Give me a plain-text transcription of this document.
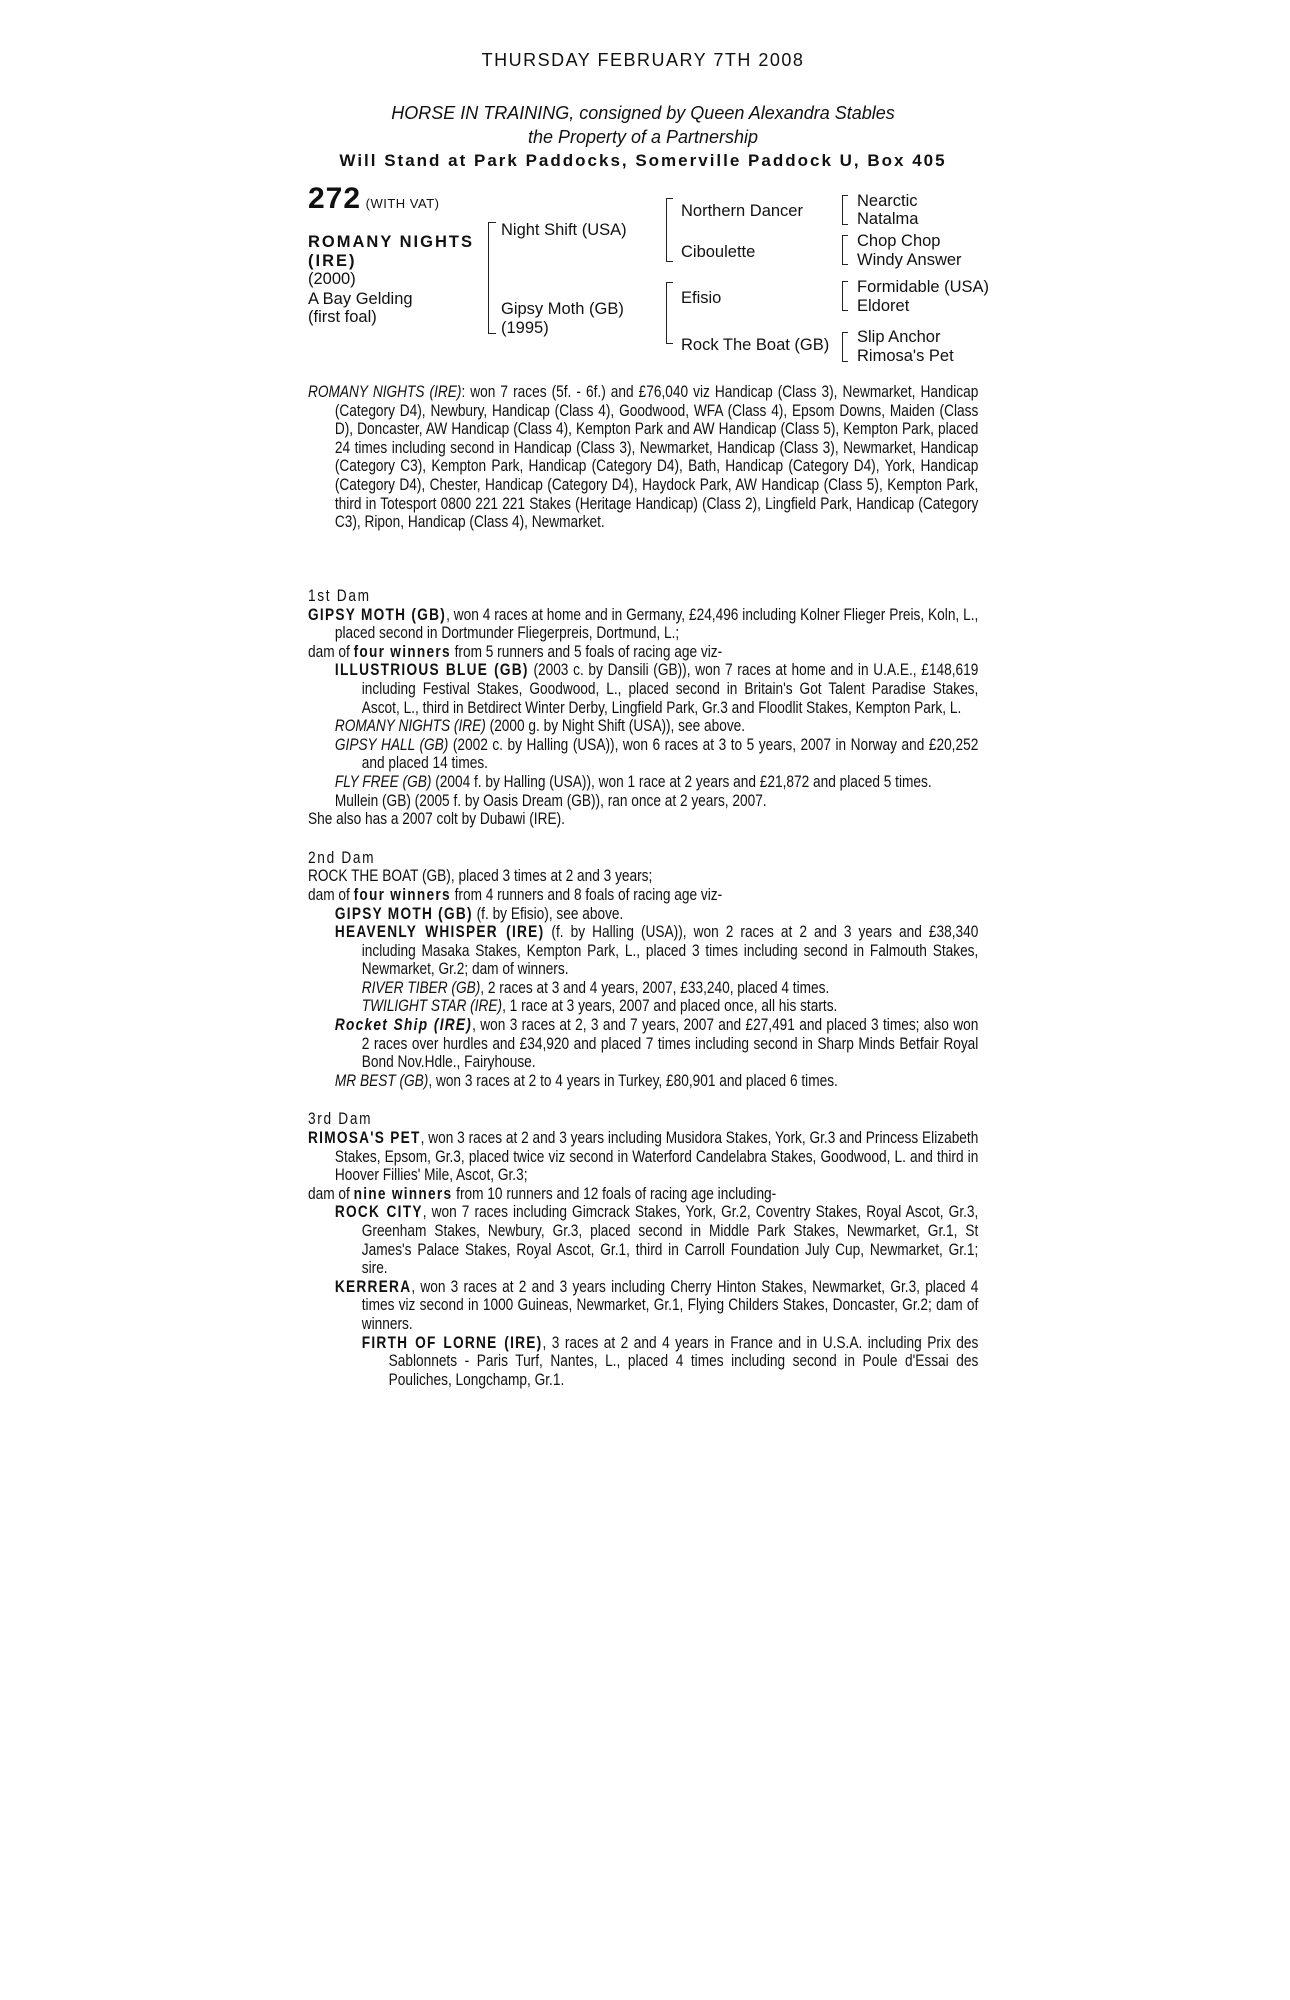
THURSDAY FEBRUARY 7TH 2008
HORSE IN TRAINING, consigned by Queen Alexandra Stables
the Property of a Partnership
Will Stand at Park Paddocks, Somerville Paddock U, Box 405
272 (WITH VAT)
ROMANY NIGHTS
(IRE)
(2000)
A Bay Gelding
(first foal)
Night Shift (USA)
Gipsy Moth (GB)
(1995)
Northern Dancer
Ciboulette
Efisio
Rock The Boat (GB)
Nearctic
Natalma
Chop Chop
Windy Answer
Formidable (USA)
Eldoret
Slip Anchor
Rimosa's Pet
ROMANY NIGHTS (IRE): won 7 races (5f. - 6f.) and £76,040 viz Handicap (Class 3), Newmarket, Handicap (Category D4), Newbury, Handicap (Class 4), Goodwood, WFA (Class 4), Epsom Downs, Maiden (Class D), Doncaster, AW Handicap (Class 4), Kempton Park and AW Handicap (Class 5), Kempton Park, placed 24 times including second in Handicap (Class 3), Newmarket, Handicap (Class 3), Newmarket, Handicap (Category C3), Kempton Park, Handicap (Category D4), Bath, Handicap (Category D4), York, Handicap (Category D4), Chester, Handicap (Category D4), Haydock Park, AW Handicap (Class 5), Kempton Park, third in Totesport 0800 221 221 Stakes (Heritage Handicap) (Class 2), Lingfield Park, Handicap (Category C3), Ripon, Handicap (Class 4), Newmarket.
1st Dam
GIPSY MOTH (GB), won 4 races at home and in Germany, £24,496 including Kolner Flieger Preis, Koln, L., placed second in Dortmunder Fliegerpreis, Dortmund, L.;
dam of four winners from 5 runners and 5 foals of racing age viz-
ILLUSTRIOUS BLUE (GB) (2003 c. by Dansili (GB)), won 7 races at home and in U.A.E., £148,619 including Festival Stakes, Goodwood, L., placed second in Britain's Got Talent Paradise Stakes, Ascot, L., third in Betdirect Winter Derby, Lingfield Park, Gr.3 and Floodlit Stakes, Kempton Park, L.
ROMANY NIGHTS (IRE) (2000 g. by Night Shift (USA)), see above.
GIPSY HALL (GB) (2002 c. by Halling (USA)), won 6 races at 3 to 5 years, 2007 in Norway and £20,252 and placed 14 times.
FLY FREE (GB) (2004 f. by Halling (USA)), won 1 race at 2 years and £21,872 and placed 5 times.
Mullein (GB) (2005 f. by Oasis Dream (GB)), ran once at 2 years, 2007.
She also has a 2007 colt by Dubawi (IRE).
2nd Dam
ROCK THE BOAT (GB), placed 3 times at 2 and 3 years;
dam of four winners from 4 runners and 8 foals of racing age viz-
GIPSY MOTH (GB) (f. by Efisio), see above.
HEAVENLY WHISPER (IRE) (f. by Halling (USA)), won 2 races at 2 and 3 years and £38,340 including Masaka Stakes, Kempton Park, L., placed 3 times including second in Falmouth Stakes, Newmarket, Gr.2; dam of winners.
RIVER TIBER (GB), 2 races at 3 and 4 years, 2007, £33,240, placed 4 times.
TWILIGHT STAR (IRE), 1 race at 3 years, 2007 and placed once, all his starts.
Rocket Ship (IRE), won 3 races at 2, 3 and 7 years, 2007 and £27,491 and placed 3 times; also won 2 races over hurdles and £34,920 and placed 7 times including second in Sharp Minds Betfair Royal Bond Nov.Hdle., Fairyhouse.
MR BEST (GB), won 3 races at 2 to 4 years in Turkey, £80,901 and placed 6 times.
3rd Dam
RIMOSA'S PET, won 3 races at 2 and 3 years including Musidora Stakes, York, Gr.3 and Princess Elizabeth Stakes, Epsom, Gr.3, placed twice viz second in Waterford Candelabra Stakes, Goodwood, L. and third in Hoover Fillies' Mile, Ascot, Gr.3;
dam of nine winners from 10 runners and 12 foals of racing age including-
ROCK CITY, won 7 races including Gimcrack Stakes, York, Gr.2, Coventry Stakes, Royal Ascot, Gr.3, Greenham Stakes, Newbury, Gr.3, placed second in Middle Park Stakes, Newmarket, Gr.1, St James's Palace Stakes, Royal Ascot, Gr.1, third in Carroll Foundation July Cup, Newmarket, Gr.1; sire.
KERRERA, won 3 races at 2 and 3 years including Cherry Hinton Stakes, Newmarket, Gr.3, placed 4 times viz second in 1000 Guineas, Newmarket, Gr.1, Flying Childers Stakes, Doncaster, Gr.2; dam of winners.
FIRTH OF LORNE (IRE), 3 races at 2 and 4 years in France and in U.S.A. including Prix des Sablonnets - Paris Turf, Nantes, L., placed 4 times including second in Poule d'Essai des Pouliches, Longchamp, Gr.1.
